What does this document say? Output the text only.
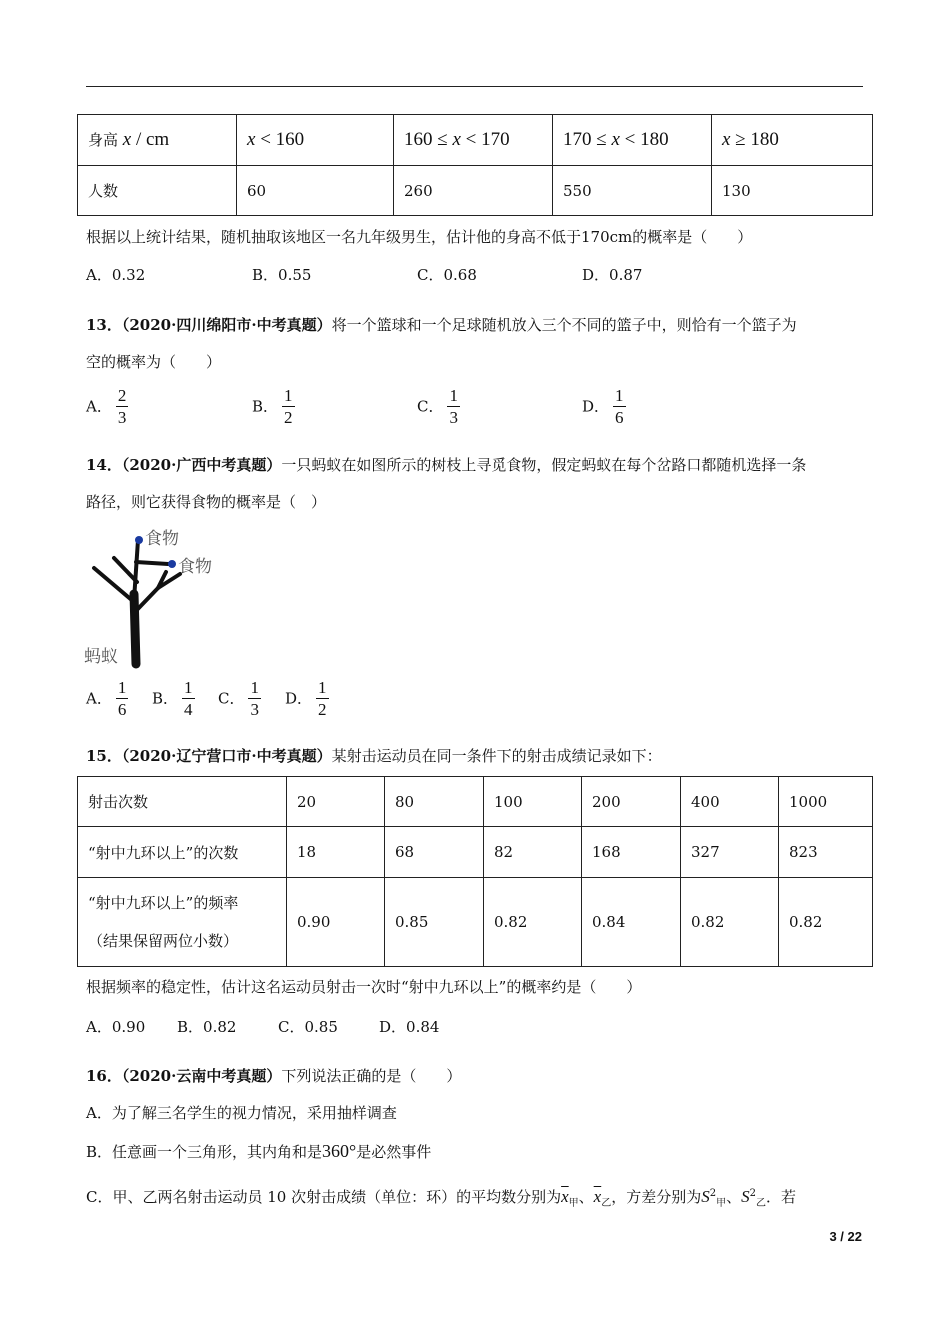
身高 x / cm	x < 160	160 ≤ x < 170	170 ≤ x < 180	x ≥ 180
人数	60	260	550	130
根据以上统计结果，随机抽取该地区一名九年级男生，估计他的身高不低于170cm的概率是（　　）
A．0.32	B．0.55	C．0.68	D．0.87
13．（2020·四川绵阳市·中考真题）将一个篮球和一个足球随机放入三个不同的篮子中，则恰有一个篮子为
空的概率为（　　）
A． $\frac{2}{3}$	B． $\frac{1}{2}$	C． $\frac{1}{3}$	D． $\frac{1}{6}$
14．（2020·广西中考真题）一只蚂蚁在如图所示的树枝上寻觅食物，假定蚂蚁在每个岔路口都随机选择一条
路径，则它获得食物的概率是（　）
食物
食物
蚂蚁
A． $\frac{1}{6}$ B． $\frac{1}{4}$ C． $\frac{1}{3}$ D． $\frac{1}{2}$
15．（2020·辽宁营口市·中考真题）某射击运动员在同一条件下的射击成绩记录如下：
射击次数	20	80	100	200	400	1000
“射中九环以上”的次数	18	68	82	168	327	823

“射中九环以上”的频率
（结果保留两位小数）	0.90	0.85	0.82	0.84	0.82	0.82
根据频率的稳定性，估计这名运动员射击一次时“射中九环以上”的概率约是（　　）
A．0.90 B．0.82	C．0.85	D．0.84
16．（2020·云南中考真题）下列说法正确的是（　　）
A．为了解三名学生的视力情况，采用抽样调查
B．任意画一个三角形，其内角和是360°是必然事件
C．甲、乙两名射击运动员 10 次射击成绩（单位：环）的平均数分别为$\overline{x}_甲$、$\overline{x}_乙$，方差分别为$S^2_甲$、$S^2_乙$．若
3 / 22
